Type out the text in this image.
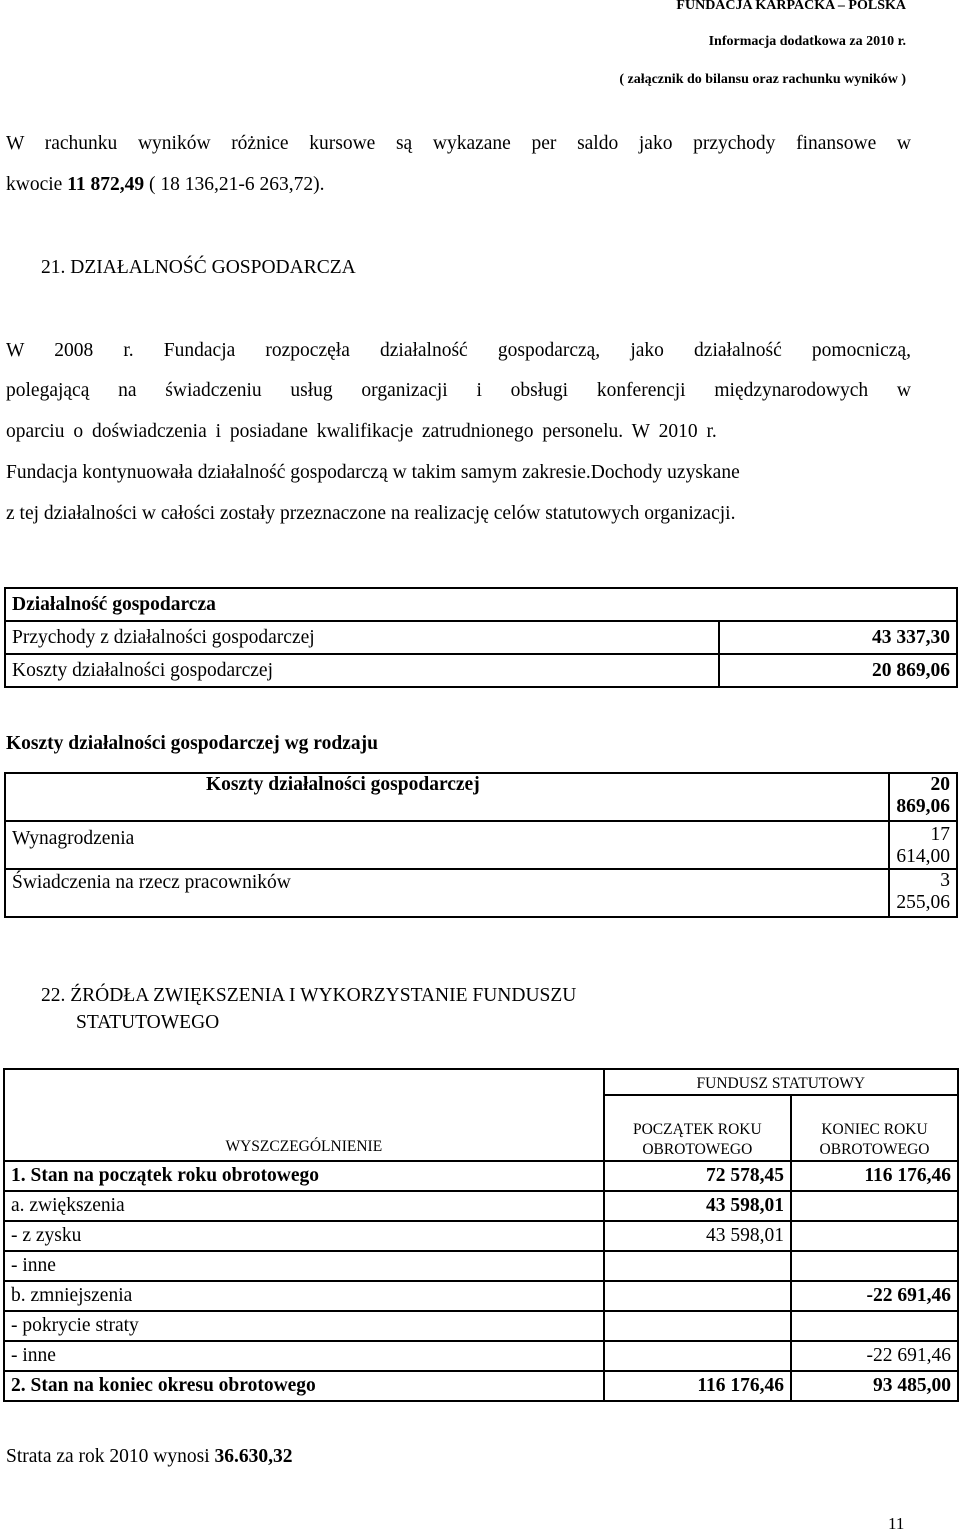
FUNDACJA KARPACKA – POLSKA
Informacja dodatkowa za 2010 r.
( załącznik do bilansu oraz rachunku wyników )
W rachunku wyników różnice kursowe są wykazane per saldo jako przychody finansowe w
kwocie 11 872,49 ( 18 136,21-6 263,72).
21. DZIAŁALNOŚĆ GOSPODARCZA
W 2008 r. Fundacja rozpoczęła działalność gospodarczą, jako działalność pomocniczą,
polegającą na świadczeniu usług organizacji i obsługi konferencji międzynarodowych w
oparciu o doświadczenia i posiadane kwalifikacje zatrudnionego personelu. W 2010 r.
Fundacja kontynuowała działalność gospodarczą w takim samym zakresie.Dochody uzyskane
z tej działalności w całości zostały przeznaczone na realizację celów statutowych organizacji.
Działalność gospodarcza	
Przychody z działalności gospodarczej	43 337,30
Koszty działalności gospodarczej	20 869,06
Koszty działalności gospodarczej wg rodzaju
Koszty działalności gospodarczej	20 869,06
Wynagrodzenia	17 614,00
Świadczenia na rzecz pracowników	3 255,06
22. ŹRÓDŁA ZWIĘKSZENIA I WYKORZYSTANIE FUNDUSZU
STATUTOWEGO
WYSZCZEGÓLNIENIE	FUNDUSZ STATUTOWY	
	POCZĄTEK ROKU OBROTOWEGO	KONIEC ROKU OBROTOWEGO
1. Stan na początek roku obrotowego	72 578,45	116 176,46
a. zwiększenia	43 598,01	
- z zysku	43 598,01	
- inne		
b. zmniejszenia		-22 691,46
- pokrycie straty		
- inne		-22 691,46
2. Stan na koniec okresu obrotowego	116 176,46	93 485,00
Strata za rok 2010 wynosi 36.630,32
11
